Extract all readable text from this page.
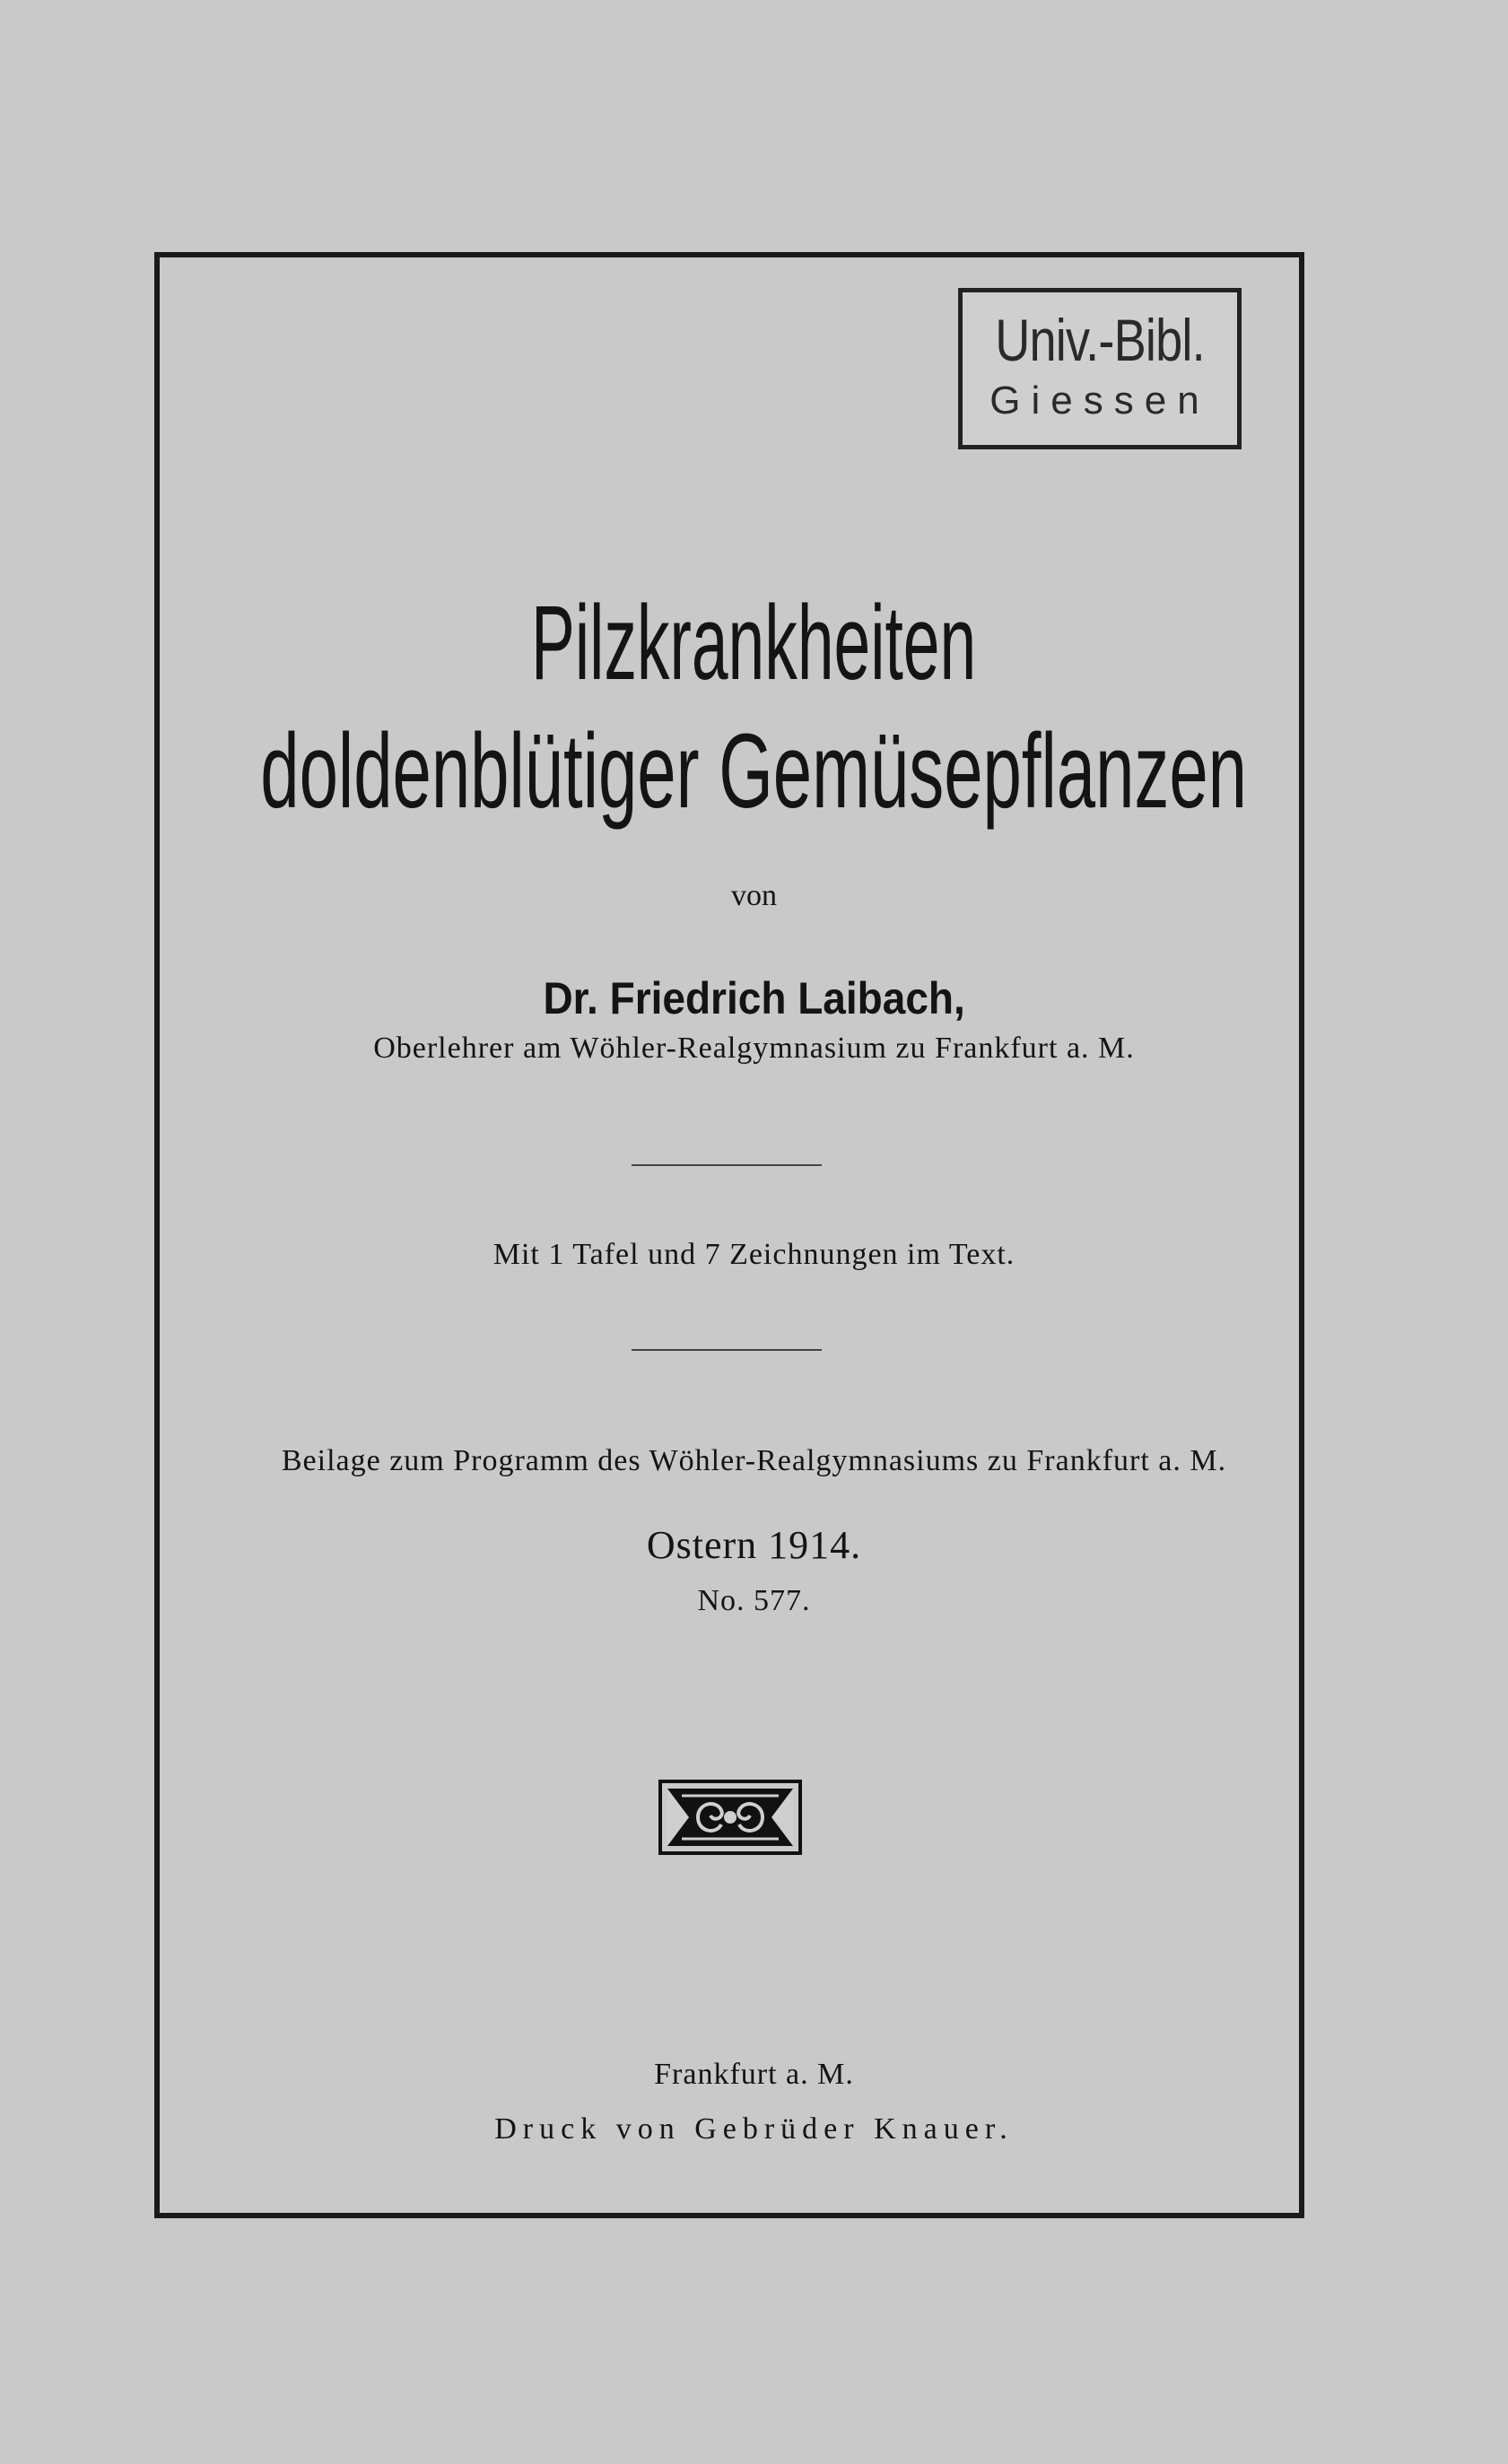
Univ.-Bibl.
Giessen
Pilzkrankheiten
doldenblütiger Gemüsepflanzen
von
Dr. Friedrich Laibach,
Oberlehrer am Wöhler-Realgymnasium zu Frankfurt a. M.
Mit 1 Tafel und 7 Zeichnungen im Text.
Beilage zum Programm des Wöhler-Realgymnasiums zu Frankfurt a. M.
Ostern 1914.
No. 577.
Frankfurt a. M.
Druck von Gebrüder Knauer.
